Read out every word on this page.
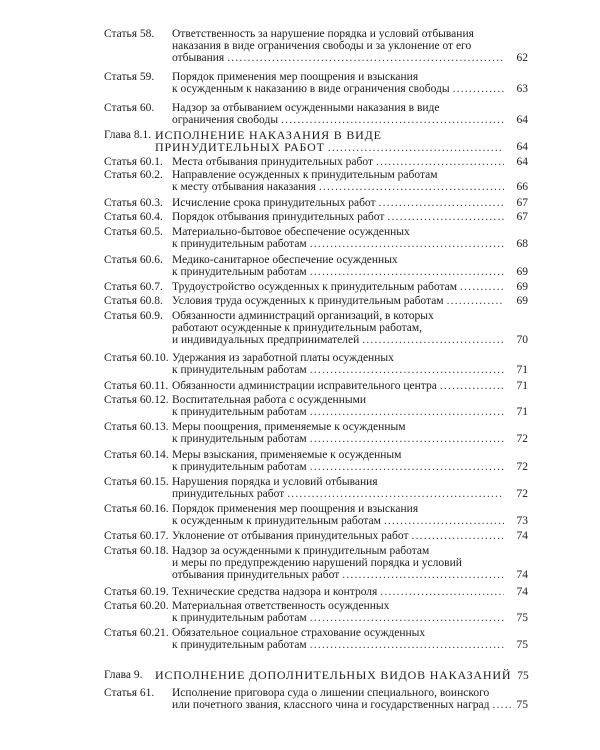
Статья 58. Ответственность за нарушение порядка и условий отбывания
наказания в виде ограничения свободы и за уклонение от его
отбывания .....	62
Статья 59. Порядок применения мер поощрения и взыскания
к осужденным к наказанию в виде ограничения свободы .....	63
Статья 60. Надзор за отбыванием осужденными наказания в виде
ограничения свободы .....	64
Глава 8.1. ИСПОЛНЕНИЕ НАКАЗАНИЯ В ВИДЕ
ПРИНУДИТЕЛЬНЫХ РАБОТ .....	64
Статья 60.1. Места отбывания принудительных работ .....	64
Статья 60.2. Направление осужденных к принудительным работам
к месту отбывания наказания .....	66
Статья 60.3. Исчисление срока принудительных работ .....	67
Статья 60.4. Порядок отбывания принудительных работ .....	67
Статья 60.5. Материально-бытовое обеспечение осужденных
к принудительным работам .....	68
Статья 60.6. Медико-санитарное обеспечение осужденных
к принудительным работам .....	69
Статья 60.7. Трудоустройство осужденных к принудительным работам .....	69
Статья 60.8. Условия труда осужденных к принудительным работам .....	69
Статья 60.9. Обязанности администраций организаций, в которых
работают осужденные к принудительным работам,
и индивидуальных предпринимателей .....	70
Статья 60.10. Удержания из заработной платы осужденных
к принудительным работам .....	71
Статья 60.11. Обязанности администрации исправительного центра .....	71
Статья 60.12. Воспитательная работа с осужденными
к принудительным работам .....	71
Статья 60.13. Меры поощрения, применяемые к осужденным
к принудительным работам .....	72
Статья 60.14. Меры взыскания, применяемые к осужденным
к принудительным работам .....	72
Статья 60.15. Нарушения порядка и условий отбывания
принудительных работ .....	72
Статья 60.16. Порядок применения мер поощрения и взыскания
к осужденным к принудительным работам .....	73
Статья 60.17. Уклонение от отбывания принудительных работ .....	74
Статья 60.18. Надзор за осужденными к принудительным работам
и меры по предупреждению нарушений порядка и условий
отбывания принудительных работ .....	74
Статья 60.19. Технические средства надзора и контроля .....	74
Статья 60.20. Материальная ответственность осужденных
к принудительным работам .....	75
Статья 60.21. Обязательное социальное страхование осужденных
к принудительным работам .....	75
Глава 9. ИСПОЛНЕНИЕ ДОПОЛНИТЕЛЬНЫХ ВИДОВ НАКАЗАНИЙ 75
Статья 61. Исполнение приговора суда о лишении специального, воинского
или почетного звания, классного чина и государственных наград ..... 75
